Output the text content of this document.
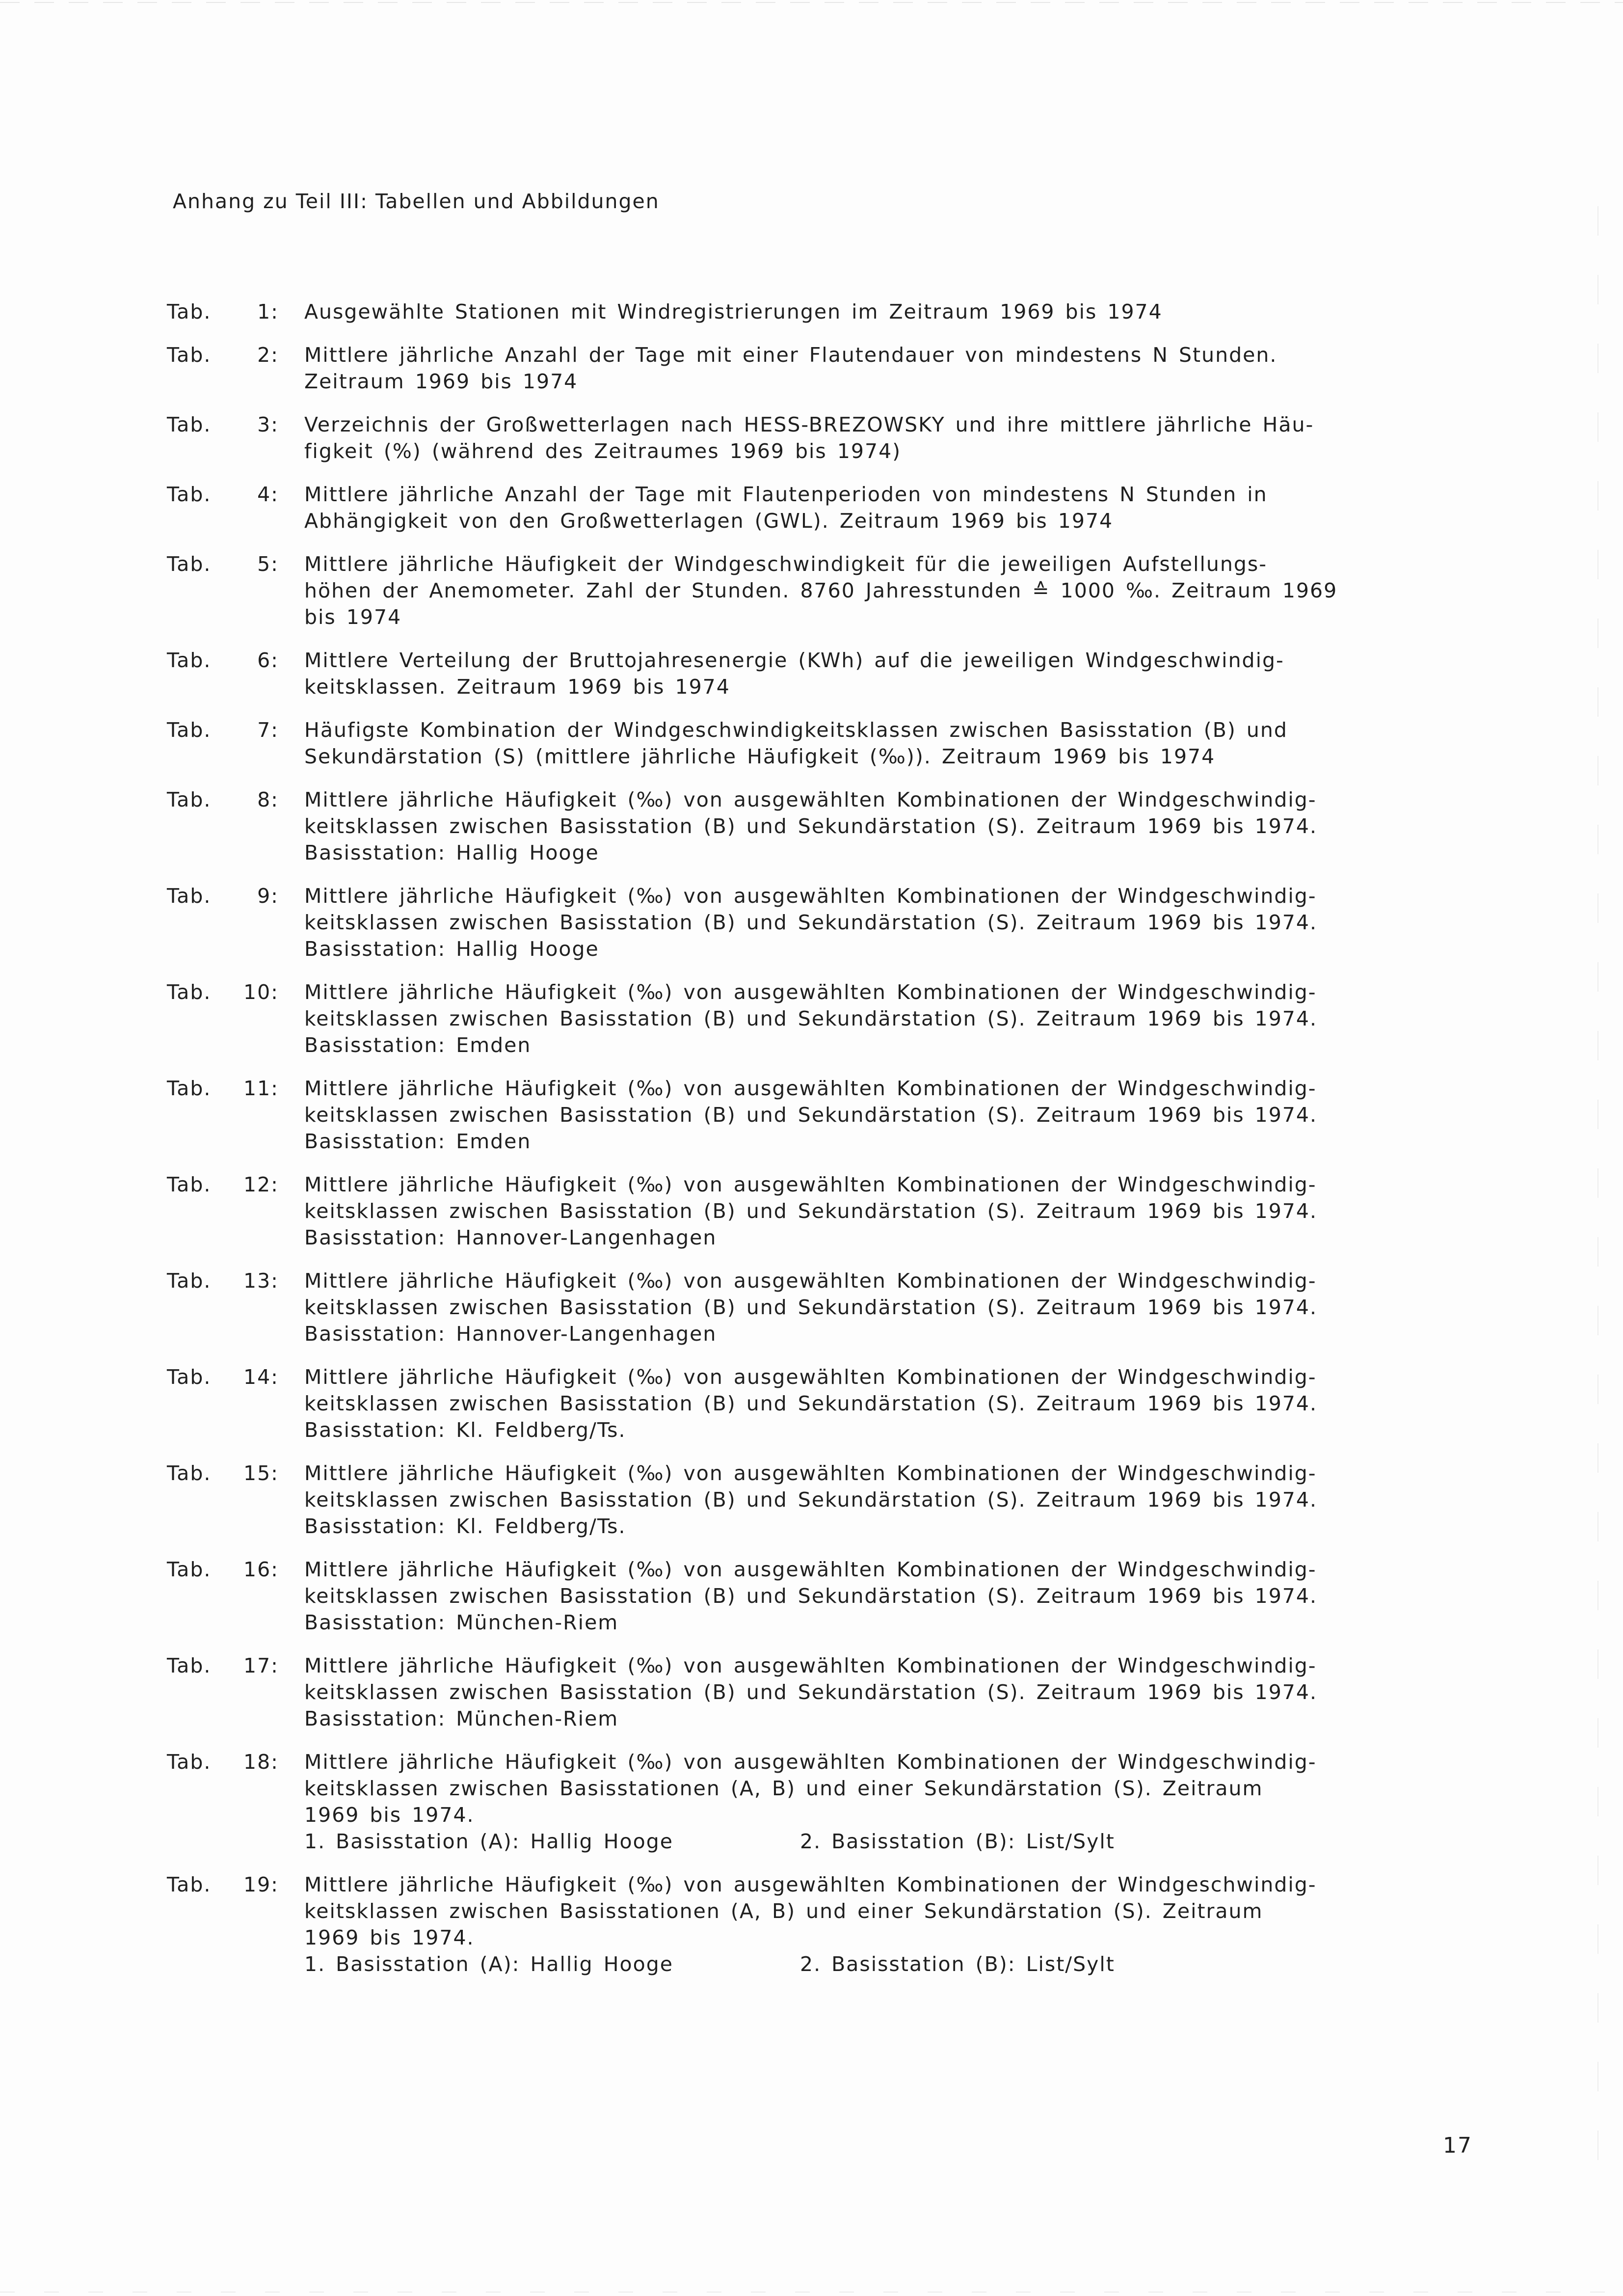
Anhang zu Teil III: Tabellen und Abbildungen
Tab.	1:	Ausgewählte Stationen mit Windregistrierungen im Zeitraum 1969 bis 1974
Tab.	2:	Mittlere jährliche Anzahl der Tage mit einer Flautendauer von mindestens N Stunden.
Zeitraum 1969 bis 1974
Tab.	3:	Verzeichnis der Großwetterlagen nach HESS-BREZOWSKY und ihre mittlere jährliche Häu-
figkeit (%) (während des Zeitraumes 1969 bis 1974)
Tab.	4:	Mittlere jährliche Anzahl der Tage mit Flautenperioden von mindestens N Stunden in
Abhängigkeit von den Großwetterlagen (GWL). Zeitraum 1969 bis 1974
Tab.	5:	Mittlere jährliche Häufigkeit der Windgeschwindigkeit für die jeweiligen Aufstellungs-
höhen der Anemometer. Zahl der Stunden. 8760 Jahresstunden ≙ 1000 ‰. Zeitraum 1969
bis 1974
Tab.	6:	Mittlere Verteilung der Bruttojahresenergie (KWh) auf die jeweiligen Windgeschwindig-
keitsklassen. Zeitraum 1969 bis 1974
Tab.	7:	Häufigste Kombination der Windgeschwindigkeitsklassen zwischen Basisstation (B) und
Sekundärstation (S) (mittlere jährliche Häufigkeit (‰)). Zeitraum 1969 bis 1974
Tab.	8:	Mittlere jährliche Häufigkeit (‰) von ausgewählten Kombinationen der Windgeschwindig-
keitsklassen zwischen Basisstation (B) und Sekundärstation (S). Zeitraum 1969 bis 1974.
Basisstation: Hallig Hooge
Tab.	9:	Mittlere jährliche Häufigkeit (‰) von ausgewählten Kombinationen der Windgeschwindig-
keitsklassen zwischen Basisstation (B) und Sekundärstation (S). Zeitraum 1969 bis 1974.
Basisstation: Hallig Hooge
Tab.	10:	Mittlere jährliche Häufigkeit (‰) von ausgewählten Kombinationen der Windgeschwindig-
keitsklassen zwischen Basisstation (B) und Sekundärstation (S). Zeitraum 1969 bis 1974.
Basisstation: Emden
Tab.	11:	Mittlere jährliche Häufigkeit (‰) von ausgewählten Kombinationen der Windgeschwindig-
keitsklassen zwischen Basisstation (B) und Sekundärstation (S). Zeitraum 1969 bis 1974.
Basisstation: Emden
Tab.	12:	Mittlere jährliche Häufigkeit (‰) von ausgewählten Kombinationen der Windgeschwindig-
keitsklassen zwischen Basisstation (B) und Sekundärstation (S). Zeitraum 1969 bis 1974.
Basisstation: Hannover-Langenhagen
Tab.	13:	Mittlere jährliche Häufigkeit (‰) von ausgewählten Kombinationen der Windgeschwindig-
keitsklassen zwischen Basisstation (B) und Sekundärstation (S). Zeitraum 1969 bis 1974.
Basisstation: Hannover-Langenhagen
Tab.	14:	Mittlere jährliche Häufigkeit (‰) von ausgewählten Kombinationen der Windgeschwindig-
keitsklassen zwischen Basisstation (B) und Sekundärstation (S). Zeitraum 1969 bis 1974.
Basisstation: Kl. Feldberg/Ts.
Tab.	15:	Mittlere jährliche Häufigkeit (‰) von ausgewählten Kombinationen der Windgeschwindig-
keitsklassen zwischen Basisstation (B) und Sekundärstation (S). Zeitraum 1969 bis 1974.
Basisstation: Kl. Feldberg/Ts.
Tab.	16:	Mittlere jährliche Häufigkeit (‰) von ausgewählten Kombinationen der Windgeschwindig-
keitsklassen zwischen Basisstation (B) und Sekundärstation (S). Zeitraum 1969 bis 1974.
Basisstation: München-Riem
Tab.	17:	Mittlere jährliche Häufigkeit (‰) von ausgewählten Kombinationen der Windgeschwindig-
keitsklassen zwischen Basisstation (B) und Sekundärstation (S). Zeitraum 1969 bis 1974.
Basisstation: München-Riem
Tab.	18:	Mittlere jährliche Häufigkeit (‰) von ausgewählten Kombinationen der Windgeschwindig-
keitsklassen zwischen Basisstationen (A, B) und einer Sekundärstation (S). Zeitraum
1969 bis 1974.
1. Basisstation (A): Hallig Hooge	2. Basisstation (B): List/Sylt
Tab.	19:	Mittlere jährliche Häufigkeit (‰) von ausgewählten Kombinationen der Windgeschwindig-
keitsklassen zwischen Basisstationen (A, B) und einer Sekundärstation (S). Zeitraum
1969 bis 1974.
1. Basisstation (A): Hallig Hooge	2. Basisstation (B): List/Sylt
17
